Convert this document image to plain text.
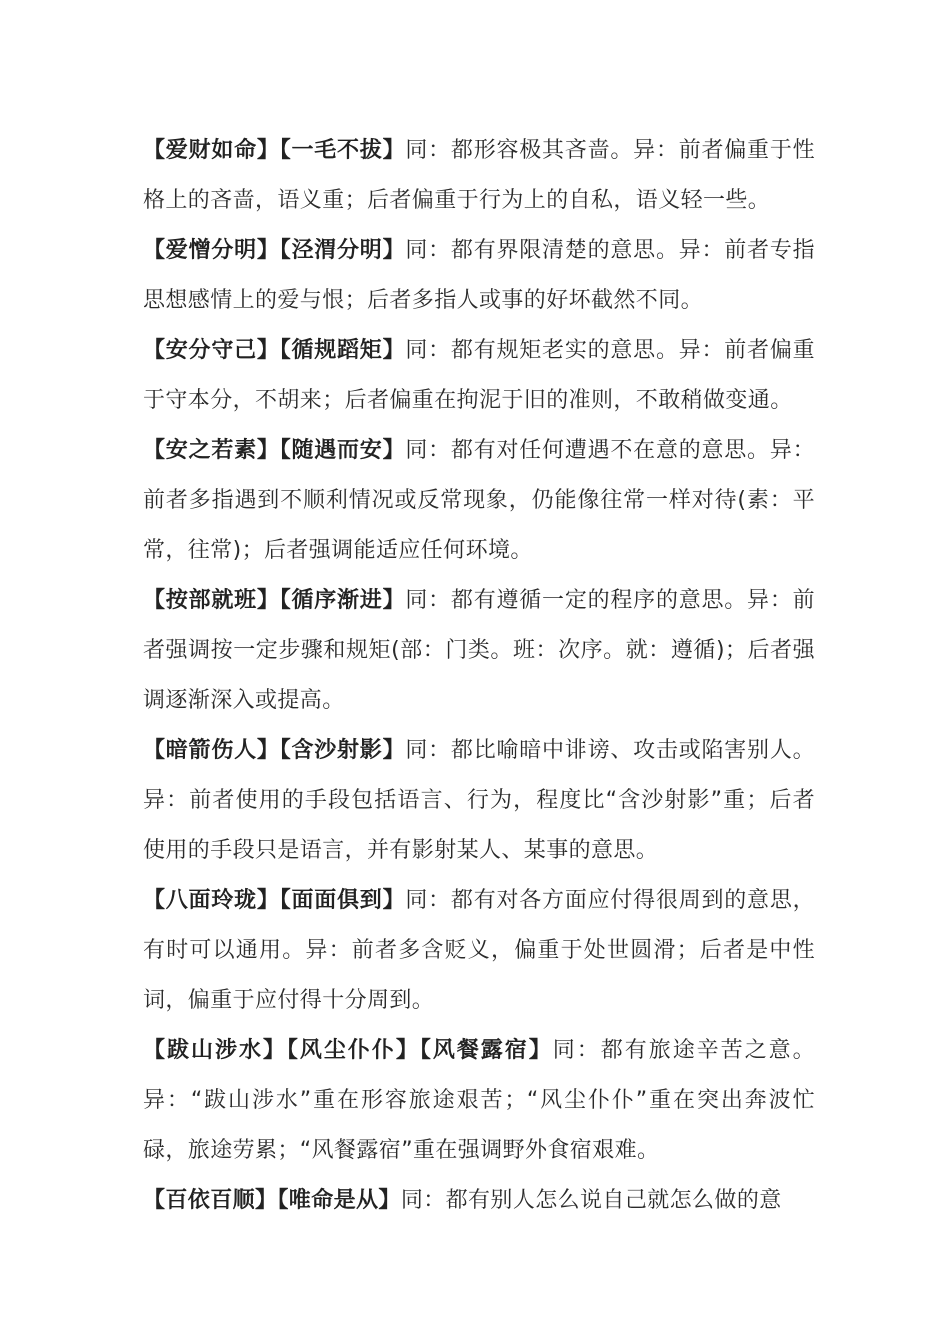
【爱财如命】【一毛不拔】同：都形容极其吝啬。异：前者偏重于性格上的吝啬，语义重；后者偏重于行为上的自私，语义轻一些。

【爱憎分明】【泾渭分明】同：都有界限清楚的意思。异：前者专指思想感情上的爱与恨；后者多指人或事的好坏截然不同。

【安分守己】【循规蹈矩】同：都有规矩老实的意思。异：前者偏重于守本分，不胡来；后者偏重在拘泥于旧的准则，不敢稍做变通。

【安之若素】【随遇而安】同：都有对任何遭遇不在意的意思。异：前者多指遇到不顺利情况或反常现象，仍能像往常一样对待(素：平常，往常)；后者强调能适应任何环境。

【按部就班】【循序渐进】同：都有遵循一定的程序的意思。异：前者强调按一定步骤和规矩(部：门类。班：次序。就：遵循)；后者强调逐渐深入或提高。

【暗箭伤人】【含沙射影】同：都比喻暗中诽谤、攻击或陷害别人。异：前者使用的手段包括语言、行为，程度比“含沙射影”重；后者使用的手段只是语言，并有影射某人、某事的意思。

【八面玲珑】【面面俱到】同：都有对各方面应付得很周到的意思，有时可以通用。异：前者多含贬义，偏重于处世圆滑；后者是中性词，偏重于应付得十分周到。

【跋山涉水】【风尘仆仆】【风餐露宿】同：都有旅途辛苦之意。异：“跋山涉水”重在形容旅途艰苦；“风尘仆仆”重在突出奔波忙碌，旅途劳累；“风餐露宿”重在强调野外食宿艰难。

【百依百顺】【唯命是从】同：都有别人怎么说自己就怎么做的意
